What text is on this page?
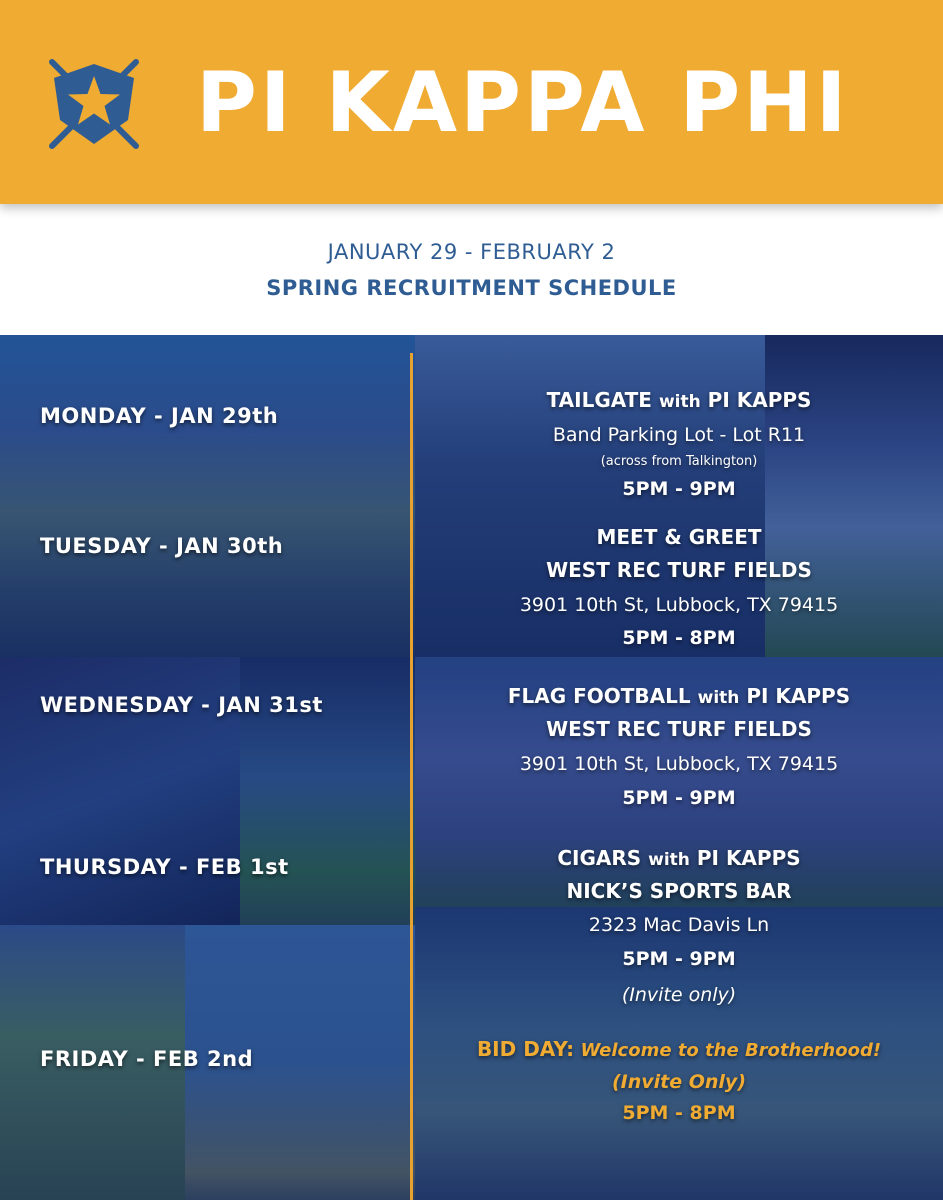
PI KAPPA PHI
JANUARY 29 - FEBRUARY 2
SPRING RECRUITMENT SCHEDULE
MONDAY - JAN 29th
TUESDAY - JAN 30th
WEDNESDAY - JAN 31st
THURSDAY - FEB 1st
FRIDAY - FEB 2nd
TAILGATE with PI KAPPS
Band Parking Lot - Lot R11
(across from Talkington)
5PM - 9PM
MEET & GREET
WEST REC TURF FIELDS
3901 10th St, Lubbock, TX 79415
5PM - 8PM
FLAG FOOTBALL with PI KAPPS
WEST REC TURF FIELDS
3901 10th St, Lubbock, TX 79415
5PM - 9PM
CIGARS with PI KAPPS
NICK’S SPORTS BAR
2323 Mac Davis Ln
5PM - 9PM
(Invite only)
BID DAY: Welcome to the Brotherhood!
(Invite Only)
5PM - 8PM
